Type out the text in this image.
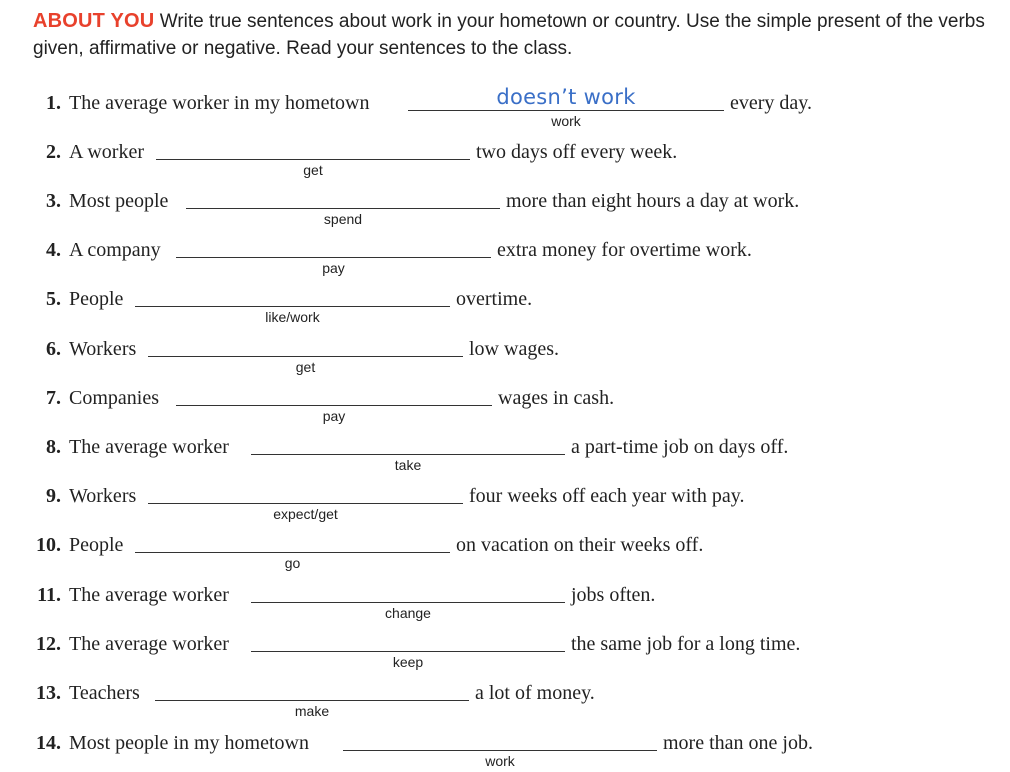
ABOUT YOU Write true sentences about work in your hometown or country. Use the simple present of the verbs given, affirmative or negative. Read your sentences to the class.
1. The average worker in my hometown	doesn’t work
work
every day.
2. A worker
get
two days off every week.
3. Most people
spend
more than eight hours a day at work.
4. A company
pay
extra money for overtime work.
5. People
like/work
overtime.
6. Workers
get
low wages.
7. Companies
pay
wages in cash.
8. The average worker
take
a part-time job on days off.
9. Workers
expect/get
four weeks off each year with pay.
10. People
go
on vacation on their weeks off.
11. The average worker
change
jobs often.
12. The average worker
keep
the same job for a long time.
13. Teachers
make
a lot of money.
14. Most people in my hometown
work
more than one job.
